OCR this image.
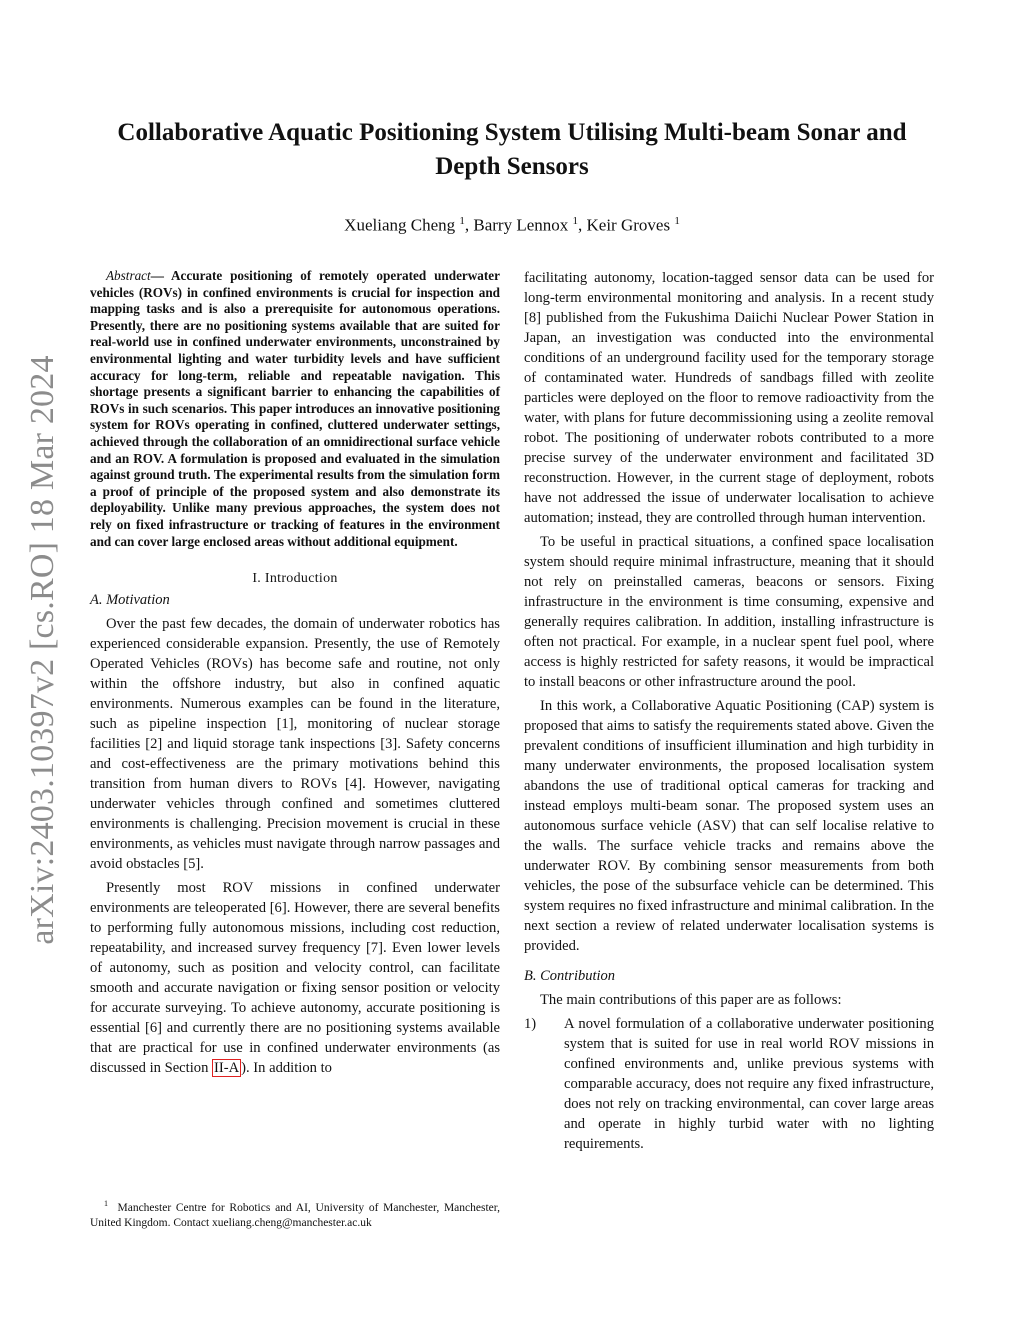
arXiv:2403.10397v2 [cs.RO] 18 Mar 2024
Collaborative Aquatic Positioning System Utilising Multi-beam Sonar and Depth Sensors
Xueliang Cheng $^1$, Barry Lennox $^1$, Keir Groves $^1$

Abstract— Accurate positioning of remotely operated underwater vehicles (ROVs) in confined environments is crucial for inspection and mapping tasks and is also a prerequisite for autonomous operations. Presently, there are no positioning systems available that are suited for real-world use in confined underwater environments, unconstrained by environmental lighting and water turbidity levels and have sufficient accuracy for long-term, reliable and repeatable navigation. This shortage presents a significant barrier to enhancing the capabilities of ROVs in such scenarios. This paper introduces an innovative positioning system for ROVs operating in confined, cluttered underwater settings, achieved through the collaboration of an omnidirectional surface vehicle and an ROV. A formulation is proposed and evaluated in the simulation against ground truth. The experimental results from the simulation form a proof of principle of the proposed system and also demonstrate its deployability. Unlike many previous approaches, the system does not rely on fixed infrastructure or tracking of features in the environment and can cover large enclosed areas without additional equipment.

I. Introduction
A. Motivation

Over the past few decades, the domain of underwater robotics has experienced considerable expansion. Presently, the use of Remotely Operated Vehicles (ROVs) has become safe and routine, not only within the offshore industry, but also in confined aquatic environments. Numerous examples can be found in the literature, such as pipeline inspection [1], monitoring of nuclear storage facilities [2] and liquid storage tank inspections [3]. Safety concerns and cost-effectiveness are the primary motivations behind this transition from human divers to ROVs [4]. However, navigating underwater vehicles through confined and sometimes cluttered environments is challenging. Precision movement is crucial in these environments, as vehicles must navigate through narrow passages and avoid obstacles [5].

Presently most ROV missions in confined underwater environments are teleoperated [6]. However, there are several benefits to performing fully autonomous missions, including cost reduction, repeatability, and increased survey frequency [7]. Even lower levels of autonomy, such as position and velocity control, can facilitate smooth and accurate navigation or fixing sensor position or velocity for accurate surveying. To achieve autonomy, accurate positioning is essential [6] and currently there are no positioning systems available that are practical for use in confined underwater environments (as discussed in Section II-A ). In addition to

$^1$ Manchester Centre for Robotics and AI, University of Manchester, Manchester, United Kingdom. Contact xueliang.cheng@manchester.ac.uk

facilitating autonomy, location-tagged sensor data can be used for long-term environmental monitoring and analysis. In a recent study [8] published from the Fukushima Daiichi Nuclear Power Station in Japan, an investigation was conducted into the environmental conditions of an underground facility used for the temporary storage of contaminated water. Hundreds of sandbags filled with zeolite particles were deployed on the floor to remove radioactivity from the water, with plans for future decommissioning using a zeolite removal robot. The positioning of underwater robots contributed to a more precise survey of the underwater environment and facilitated 3D reconstruction. However, in the current stage of deployment, robots have not addressed the issue of underwater localisation to achieve automation; instead, they are controlled through human intervention.

To be useful in practical situations, a confined space localisation system should require minimal infrastructure, meaning that it should not rely on preinstalled cameras, beacons or sensors. Fixing infrastructure in the environment is time consuming, expensive and generally requires calibration. In addition, installing infrastructure is often not practical. For example, in a nuclear spent fuel pool, where access is highly restricted for safety reasons, it would be impractical to install beacons or other infrastructure around the pool.

In this work, a Collaborative Aquatic Positioning (CAP) system is proposed that aims to satisfy the requirements stated above. Given the prevalent conditions of insufficient illumination and high turbidity in many underwater environments, the proposed localisation system abandons the use of traditional optical cameras for tracking and instead employs multi-beam sonar. The proposed system uses an autonomous surface vehicle (ASV) that can self localise relative to the walls. The surface vehicle tracks and remains above the underwater ROV. By combining sensor measurements from both vehicles, the pose of the subsurface vehicle can be determined. This system requires no fixed infrastructure and minimal calibration. In the next section a review of related underwater localisation systems is provided.

B. Contribution

The main contributions of this paper are as follows:

1) A novel formulation of a collaborative underwater positioning system that is suited for use in real world ROV missions in confined environments and, unlike previous systems with comparable accuracy, does not require any fixed infrastructure, does not rely on tracking environmental, can cover large areas and operate in highly turbid water with no lighting requirements.
